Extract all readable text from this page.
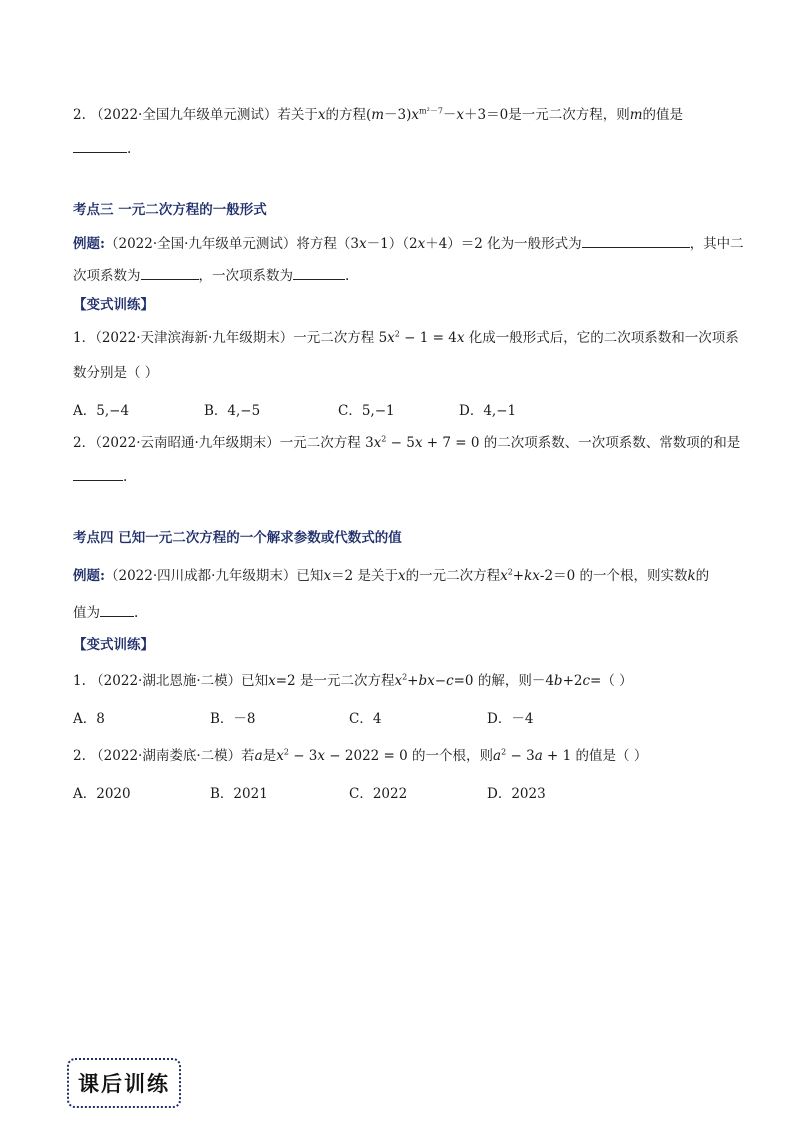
2. （2022·全国九年级单元测试）若关于x的方程$(m-3)x^{m^2-7}-x+3=0$是一元二次方程，则m的值是
.
考点三 一元二次方程的一般形式
例题:（2022·全国·九年级单元测试）将方程（3x－1）（2x＋4）＝2 化为一般形式为	，其中二
次项系数为	，一次项系数为	.
【变式训练】
1．（2022·天津滨海新·九年级期末）一元二次方程 $5x^2 - 1 = 4x$ 化成一般形式后，它的二次项系数和一次项系
数分别是（ ）
A．5,−4	B．4,−5	C．5,−1	D．4,−1
2．（2022·云南昭通·九年级期末）一元二次方程 $3x^2 - 5x + 7 = 0$ 的二次项系数、一次项系数、常数项的和是
.
考点四 已知一元二次方程的一个解求参数或代数式的值
例题:（2022·四川成都·九年级期末）已知x＝2 是关于x的一元二次方程$x^2+kx-2=0$ 的一个根，则实数k的
值为	.
【变式训练】
1. （2022·湖北恩施·二模）已知x=2 是一元二次方程$x^2+bx-c=0$ 的解，则－4b+2c=（ ）
A．8	B．－8	C．4	D．－4
2. （2022·湖南娄底·二模）若a是$x^2 - 3x - 2022 = 0$ 的一个根，则$a^2 - 3a + 1$ 的值是（ ）
A．2020	B．2021	C．2022	D．2023
课后训练
